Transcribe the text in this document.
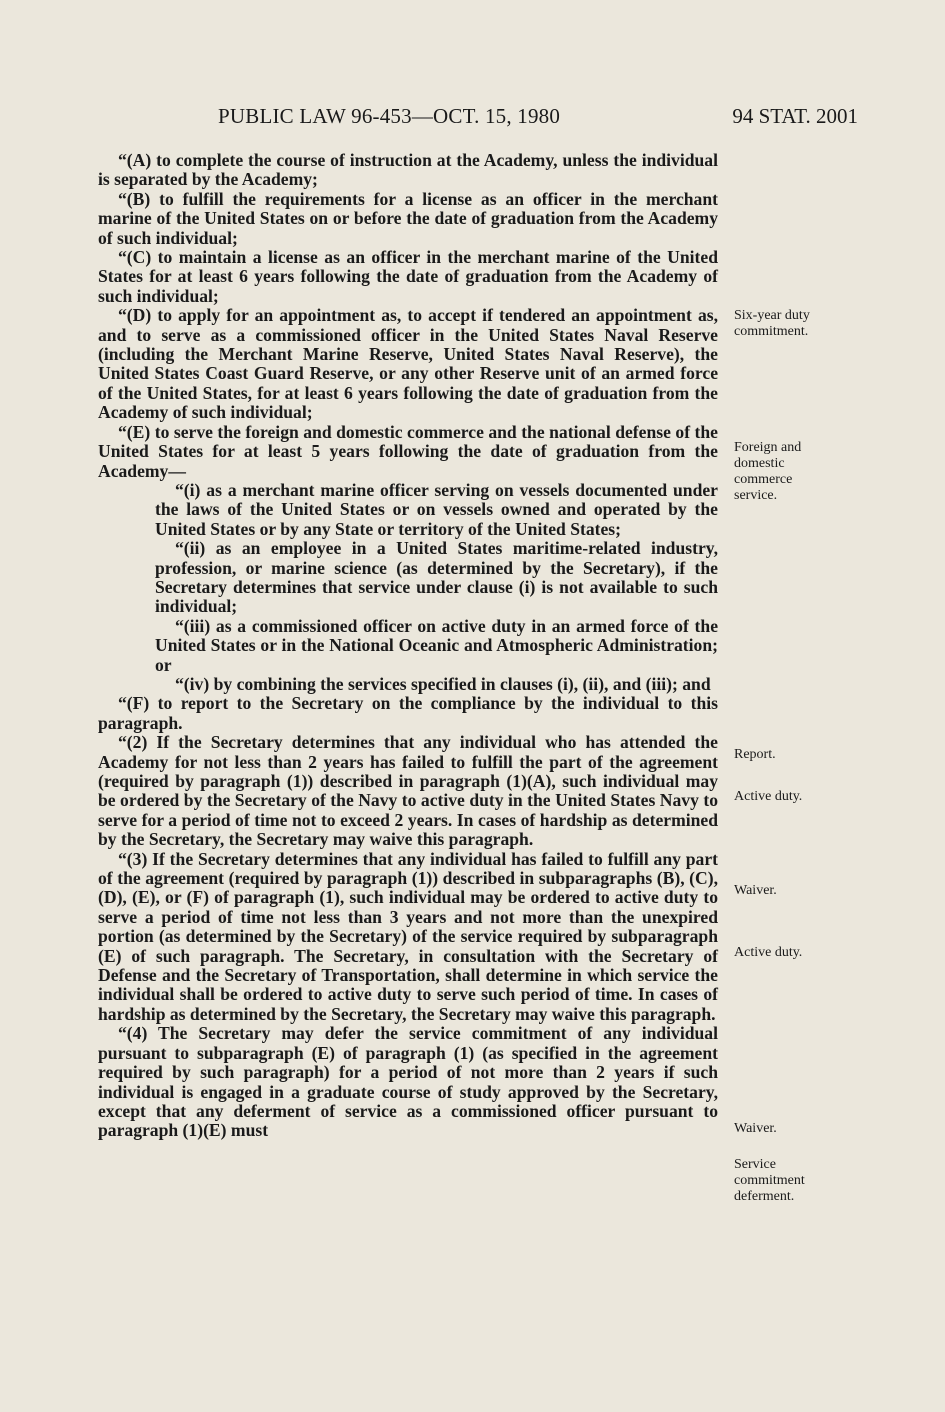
PUBLIC LAW 96-453—OCT. 15, 1980	94 STAT. 2001

“(A) to complete the course of instruction at the Academy, unless the individual is separated by the Academy;

“(B) to fulfill the requirements for a license as an officer in the merchant marine of the United States on or before the date of graduation from the Academy of such individual;

“(C) to maintain a license as an officer in the merchant marine of the United States for at least 6 years following the date of graduation from the Academy of such individual;

“(D) to apply for an appointment as, to accept if tendered an appointment as, and to serve as a commissioned officer in the United States Naval Reserve (including the Merchant Marine Reserve, United States Naval Reserve), the United States Coast Guard Reserve, or any other Reserve unit of an armed force of the United States, for at least 6 years following the date of graduation from the Academy of such individual;

“(E) to serve the foreign and domestic commerce and the national defense of the United States for at least 5 years following the date of graduation from the Academy—

“(i) as a merchant marine officer serving on vessels documented under the laws of the United States or on vessels owned and operated by the United States or by any State or territory of the United States;

“(ii) as an employee in a United States maritime-related industry, profession, or marine science (as determined by the Secretary), if the Secretary determines that service under clause (i) is not available to such individual;

“(iii) as a commissioned officer on active duty in an armed force of the United States or in the National Oceanic and Atmospheric Administration; or

“(iv) by combining the services specified in clauses (i), (ii), and (iii); and

“(F) to report to the Secretary on the compliance by the individual to this paragraph.

“(2) If the Secretary determines that any individual who has attended the Academy for not less than 2 years has failed to fulfill the part of the agreement (required by paragraph (1)) described in paragraph (1)(A), such individual may be ordered by the Secretary of the Navy to active duty in the United States Navy to serve for a period of time not to exceed 2 years. In cases of hardship as determined by the Secretary, the Secretary may waive this paragraph.

“(3) If the Secretary determines that any individual has failed to fulfill any part of the agreement (required by paragraph (1)) described in subparagraphs (B), (C), (D), (E), or (F) of paragraph (1), such individual may be ordered to active duty to serve a period of time not less than 3 years and not more than the unexpired portion (as determined by the Secretary) of the service required by subparagraph (E) of such paragraph. The Secretary, in consultation with the Secretary of Defense and the Secretary of Transportation, shall determine in which service the individual shall be ordered to active duty to serve such period of time. In cases of hardship as determined by the Secretary, the Secretary may waive this paragraph.

“(4) The Secretary may defer the service commitment of any individual pursuant to subparagraph (E) of paragraph (1) (as specified in the agreement required by such paragraph) for a period of not more than 2 years if such individual is engaged in a graduate course of study approved by the Secretary, except that any deferment of service as a commissioned officer pursuant to paragraph (1)(E) must

Six-year duty commitment.
Foreign and domestic commerce service.
Report.
Active duty.
Waiver.
Active duty.
Waiver.
Service commitment deferment.
